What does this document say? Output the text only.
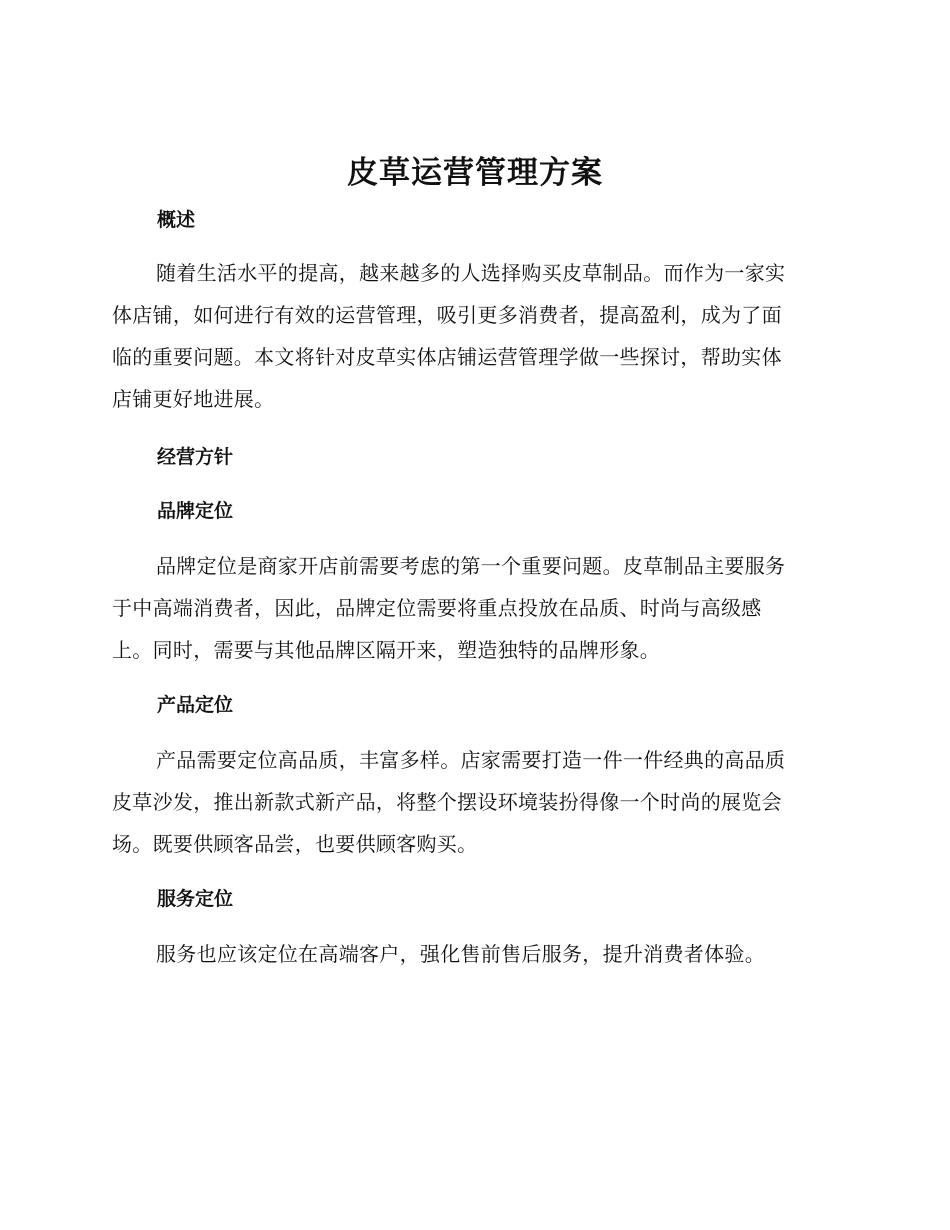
皮草运营管理方案
概述

随着生活水平的提高，越来越多的人选择购买皮草制品。而作为一家实
体店铺，如何进行有效的运营管理，吸引更多消费者，提高盈利，成为了面
临的重要问题。本文将针对皮草实体店铺运营管理学做一些探讨，帮助实体
店铺更好地进展。

经营方针
品牌定位

品牌定位是商家开店前需要考虑的第一个重要问题。皮草制品主要服务
于中高端消费者，因此，品牌定位需要将重点投放在品质、时尚与高级感
上。同时，需要与其他品牌区隔开来，塑造独特的品牌形象。

产品定位

产品需要定位高品质，丰富多样。店家需要打造一件一件经典的高品质
皮草沙发，推出新款式新产品，将整个摆设环境装扮得像一个时尚的展览会
场。既要供顾客品尝，也要供顾客购买。

服务定位

服务也应该定位在高端客户，强化售前售后服务，提升消费者体验。
